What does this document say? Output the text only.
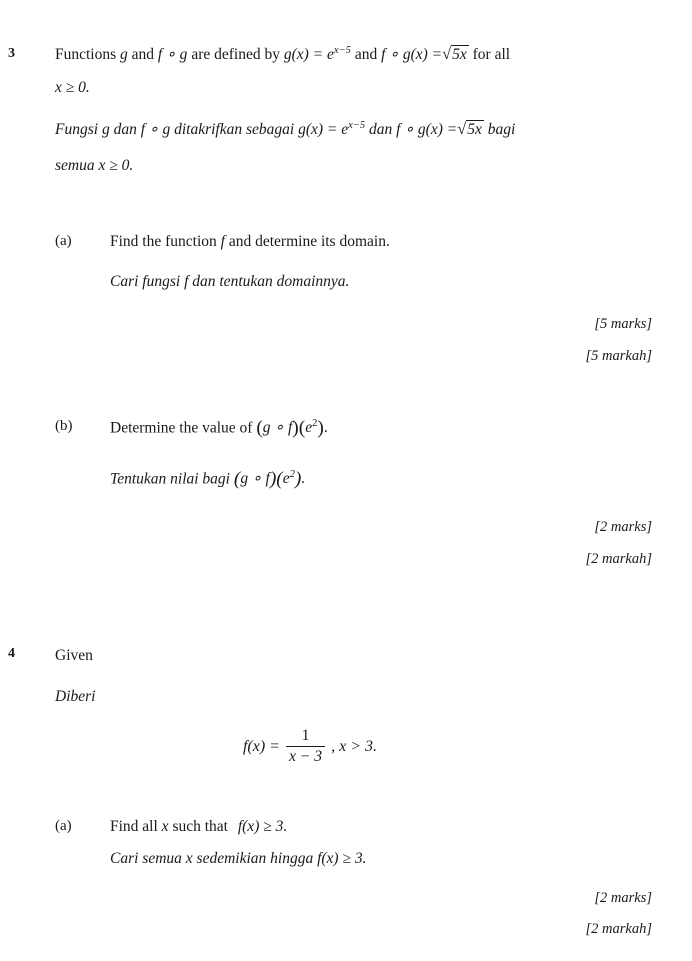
3	Functions g and f ∘ g are defined by $g(x) = e^{x-5}$ and f ∘ g(x) = √ 5x for all
x ≥ 0.
Fungsi g dan f ∘ g ditakrifkan sebagai $g(x) = e^{x-5}$ dan f ∘ g(x) = √ 5x bagi
semua x ≥ 0.
(a) Find the function f and determine its domain.
Cari fungsi f dan tentukan domainnya.
[5 marks]
[5 markah]
(b) Determine the value of (g ∘ $f)(e^2)$.
Tentukan nilai bagi (g ∘ $f)(e^2)$.
[2 marks]
[2 markah]
4	Given
Diberi
$f(x) = \frac{1}{x - 3}$ , x > 3.
(a) Find all x such that f(x) ≥ 3.
Cari semua x sedemikian hingga f(x) ≥ 3.
[2 marks]
[2 markah]
